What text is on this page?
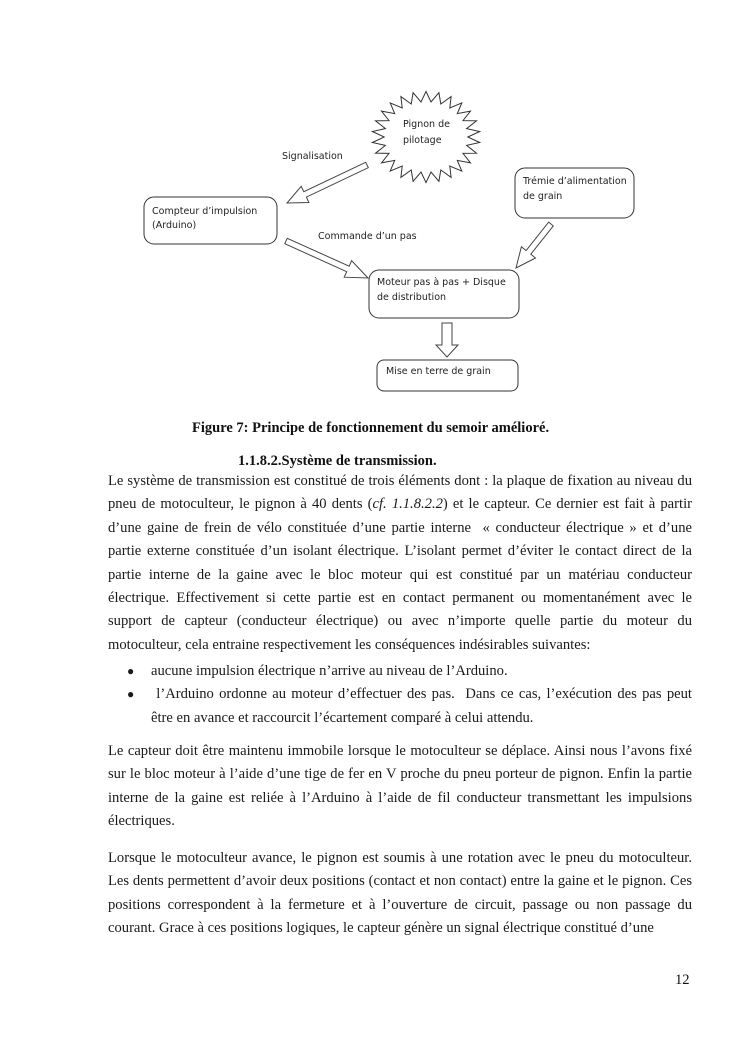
Pignon de
pilotage
Compteur d’impulsion
(Arduino)
Trémie d’alimentation
de grain
Moteur pas à pas + Disque
de distribution
Mise en terre de grain
Signalisation
Commande d’un pas
Figure 7: Principe de fonctionnement du semoir amélioré.
1.1.8.2.Système de transmission.

Le système de transmission est constitué de trois éléments dont : la plaque de fixation au niveau du pneu de motoculteur, le pignon à 40 dents (cf. 1.1.8.2.2) et le capteur. Ce dernier est fait à partir d’une gaine de frein de vélo constituée d’une partie interne  « conducteur électrique » et d’une partie externe constituée d’un isolant électrique. L’isolant permet d’éviter le contact direct de la partie interne de la gaine avec le bloc moteur qui est constitué par un matériau conducteur électrique. Effectivement si cette partie est en contact permanent ou momentanément avec le support de capteur (conducteur électrique) ou avec n’importe quelle partie du moteur du motoculteur, cela entraine respectivement les conséquences indésirables suivantes:

● aucune impulsion électrique n’arrive au niveau de l’Arduino.
● l’Arduino ordonne au moteur d’effectuer des pas.  Dans ce cas, l’exécution des pas peut être en avance et raccourcit l’écartement comparé à celui attendu.

Le capteur doit être maintenu immobile lorsque le motoculteur se déplace. Ainsi nous l’avons fixé sur le bloc moteur à l’aide d’une tige de fer en V proche du pneu porteur de pignon. Enfin la partie interne de la gaine est reliée à l’Arduino à l’aide de fil conducteur transmettant les impulsions électriques.

Lorsque le motoculteur avance, le pignon est soumis à une rotation avec le pneu du motoculteur. Les dents permettent d’avoir deux positions (contact et non contact) entre la gaine et le pignon. Ces positions correspondent à la fermeture et à l’ouverture de circuit, passage ou non passage du courant. Grace à ces positions logiques, le capteur génère un signal électrique constitué d’une

12
